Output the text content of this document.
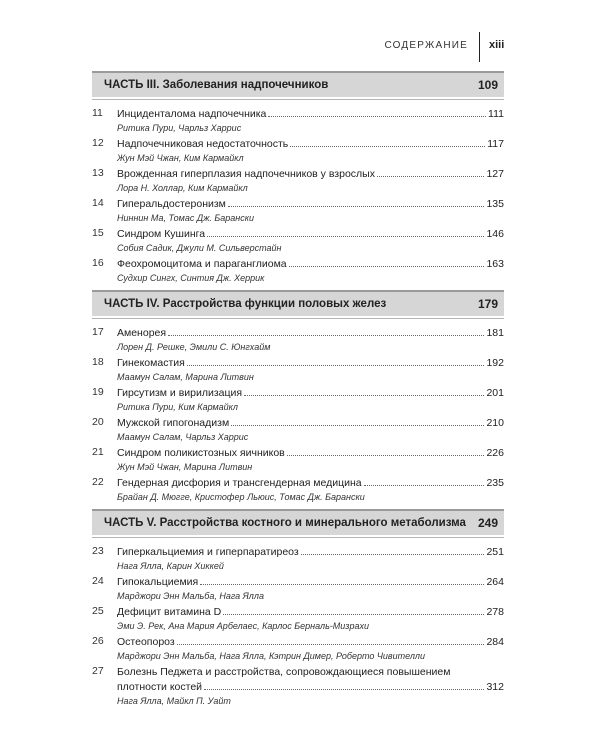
СОДЕРЖАНИЕ xiii
ЧАСТЬ III. Заболевания надпочечников	109
11 Инциденталома надпочечника	111
Ритика Пури, Чарльз Харрис
12 Надпочечниковая недостаточность	117
Жун Мэй Чжан, Ким Кармайкл
13 Врожденная гиперплазия надпочечников у взрослых	127
Лора Н. Холлар, Ким Кармайкл
14 Гиперальдостеронизм	135
Ниннин Ма, Томас Дж. Барански
15 Синдром Кушинга	146
Собия Садик, Джули М. Сильверстайн
16 Феохромоцитома и параганглиома	163
Судхир Сингх, Синтия Дж. Херрик
ЧАСТЬ IV. Расстройства функции половых желез	179
17 Аменорея	181
Лорен Д. Решке, Эмили С. Юнгхайм
18 Гинекомастия	192
Маамун Салам, Марина Литвин
19 Гирсутизм и вирилизация	201
Ритика Пури, Ким Кармайкл
20 Мужской гипогонадизм	210
Маамун Салам, Чарльз Харрис
21 Синдром поликистозных яичников	226
Жун Мэй Чжан, Марина Литвин
22 Гендерная дисфория и трансгендерная медицина	235
Брайан Д. Мюгге, Кристофер Льюис, Томас Дж. Барански
ЧАСТЬ V. Расстройства костного и минерального метаболизма 249
23 Гиперкальциемия и гиперпаратиреоз	251
Нага Ялла, Карин Хиккей
24 Гипокальциемия	264
Марджори Энн Мальба, Нага Ялла
25 Дефицит витамина D	278
Эми Э. Рек, Ана Мария Арбелаес, Карлос Берналь-Мизрахи
26 Остеопороз	284
Марджори Энн Мальба, Нага Ялла, Кэтрин Димер, Роберто Чивителли
27 Болезнь Педжета и расстройства, сопровождающиеся повышением
плотности костей	312
Нага Ялла, Майкл П. Уайт
